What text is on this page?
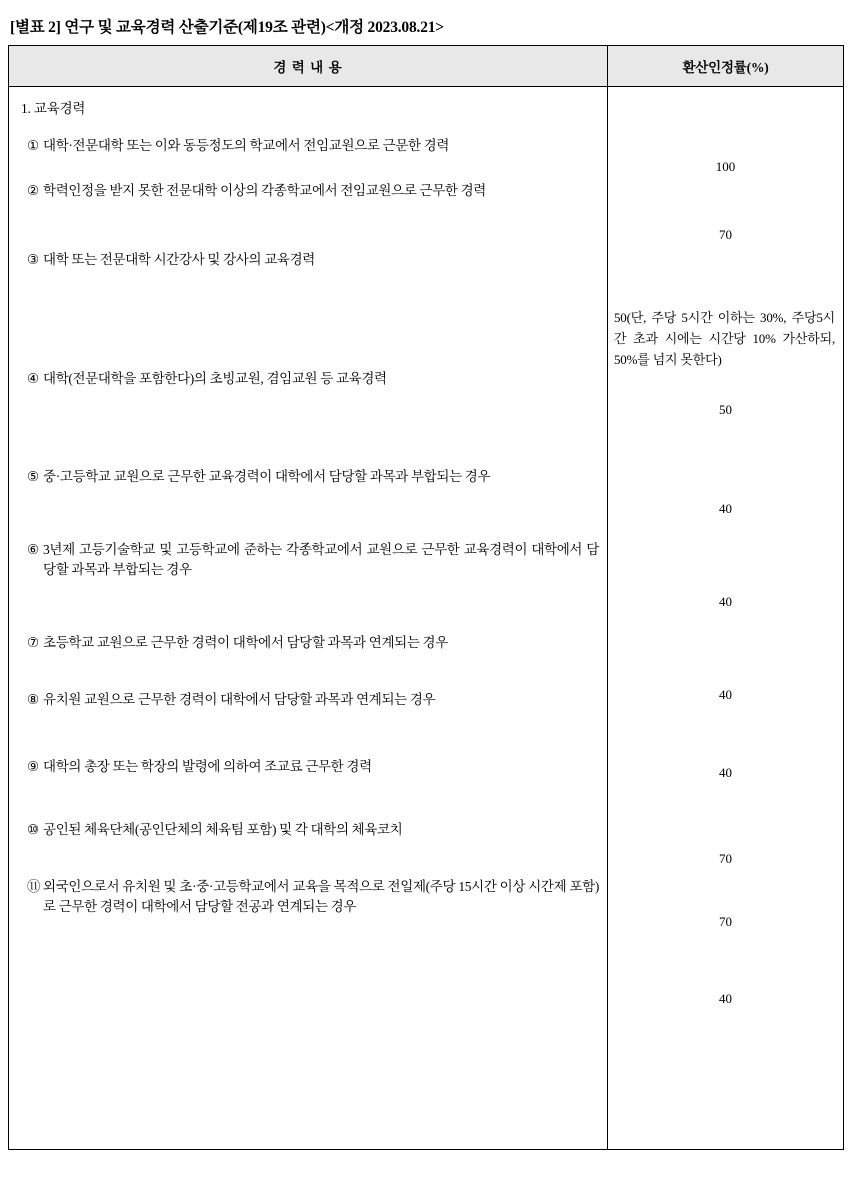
[별표 2] 연구 및 교육경력 산출기준(제19조 관련)<개정 2023.08.21>
경 력 내 용	환산인정률(%)
1. 교육경력
① 대학·전문대학 또는 이와 동등정도의 학교에서 전임교원으로 근문한 경력
② 학력인정을 받지 못한 전문대학 이상의 각종학교에서 전임교원으로 근무한 경력
③ 대학 또는 전문대학 시간강사 및 강사의 교육경력
④ 대학(전문대학을 포함한다)의 초빙교원, 겸임교원 등 교육경력
⑤ 중·고등학교 교원으로 근무한 교육경력이 대학에서 담당할 과목과 부합되는 경우
⑥ 3년제 고등기술학교 및 고등학교에 준하는 각종학교에서 교원으로 근무한 교육경력이 대학에서 담당할 과목과 부합되는 경우
⑦ 초등학교 교원으로 근무한 경력이 대학에서 담당할 과목과 연계되는 경우
⑧ 유치원 교원으로 근무한 경력이 대학에서 담당할 과목과 연계되는 경우
⑨ 대학의 총장 또는 학장의 발령에 의하여 조교료 근무한 경력
⑩ 공인된 체육단체(공인단체의 체육팀 포함) 및 각 대학의 체육코치
⑪ 외국인으로서 유치원 및 초·중·고등학교에서 교육을 목적으로 전일제(주당 15시간 이상 시간제 포함)로 근무한 경력이 대학에서 담당할 전공과 연계되는 경우
100
70
50(단, 주당 5시간 이하는 30%, 주당5시간 초과 시에는 시간당 10% 가산하되, 50%를 넘지 못한다)
50
40
40
40
40
70
70
40
